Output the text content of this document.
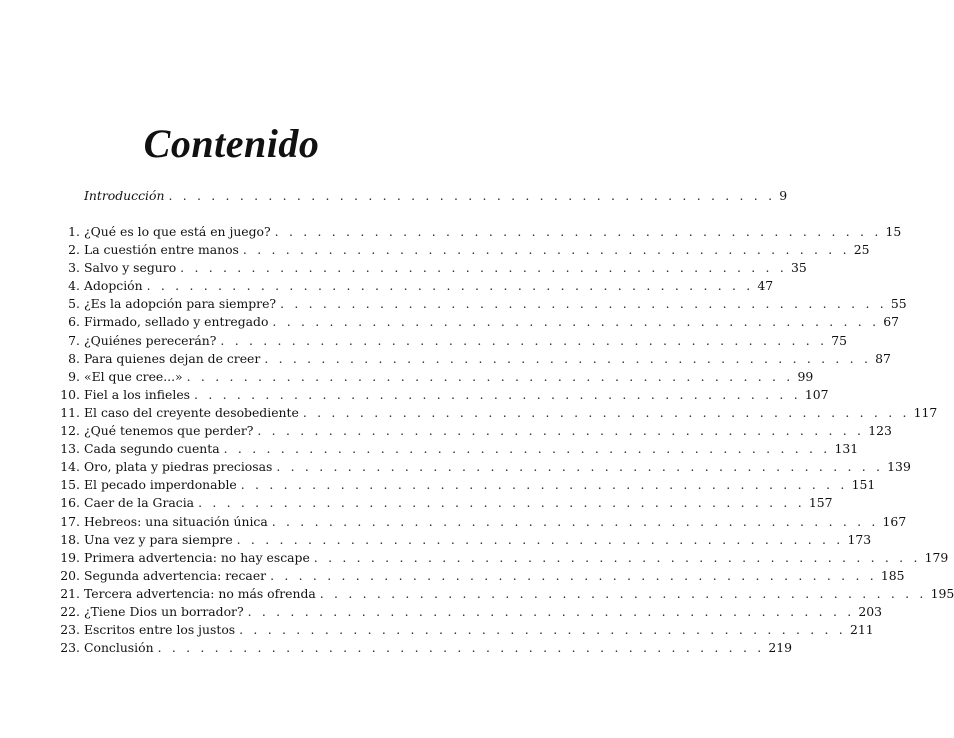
Contenido
Introducción . . . . . . . . . . . . . . . . . . . . . . . . . . . . . . . . . . . . . . . . . . . 9
1. ¿Qué es lo que está en juego? . . . . . . . . . . . . . . . . . . . . . . . . . . . . . . . . . . . . . . . . . . . 15
2. La cuestión entre manos . . . . . . . . . . . . . . . . . . . . . . . . . . . . . . . . . . . . . . . . . . . 25
3. Salvo y seguro . . . . . . . . . . . . . . . . . . . . . . . . . . . . . . . . . . . . . . . . . . . 35
4. Adopción . . . . . . . . . . . . . . . . . . . . . . . . . . . . . . . . . . . . . . . . . . . 47
5. ¿Es la adopción para siempre? . . . . . . . . . . . . . . . . . . . . . . . . . . . . . . . . . . . . . . . . . . . 55
6. Firmado, sellado y entregado . . . . . . . . . . . . . . . . . . . . . . . . . . . . . . . . . . . . . . . . . . . 67
7. ¿Quiénes perecerán? . . . . . . . . . . . . . . . . . . . . . . . . . . . . . . . . . . . . . . . . . . . 75
8. Para quienes dejan de creer . . . . . . . . . . . . . . . . . . . . . . . . . . . . . . . . . . . . . . . . . . . 87
9. «El que cree...» . . . . . . . . . . . . . . . . . . . . . . . . . . . . . . . . . . . . . . . . . . . 99
10. Fiel a los infieles . . . . . . . . . . . . . . . . . . . . . . . . . . . . . . . . . . . . . . . . . . . 107
11. El caso del creyente desobediente . . . . . . . . . . . . . . . . . . . . . . . . . . . . . . . . . . . . . . . . . . . 117
12. ¿Qué tenemos que perder? . . . . . . . . . . . . . . . . . . . . . . . . . . . . . . . . . . . . . . . . . . . 123
13. Cada segundo cuenta . . . . . . . . . . . . . . . . . . . . . . . . . . . . . . . . . . . . . . . . . . . 131
14. Oro, plata y piedras preciosas . . . . . . . . . . . . . . . . . . . . . . . . . . . . . . . . . . . . . . . . . . . 139
15. El pecado imperdonable . . . . . . . . . . . . . . . . . . . . . . . . . . . . . . . . . . . . . . . . . . . 151
16. Caer de la Gracia . . . . . . . . . . . . . . . . . . . . . . . . . . . . . . . . . . . . . . . . . . . 157
17. Hebreos: una situación única . . . . . . . . . . . . . . . . . . . . . . . . . . . . . . . . . . . . . . . . . . . 167
18. Una vez y para siempre . . . . . . . . . . . . . . . . . . . . . . . . . . . . . . . . . . . . . . . . . . . 173
19. Primera advertencia: no hay escape . . . . . . . . . . . . . . . . . . . . . . . . . . . . . . . . . . . . . . . . . . . 179
20. Segunda advertencia: recaer . . . . . . . . . . . . . . . . . . . . . . . . . . . . . . . . . . . . . . . . . . . 185
21. Tercera advertencia: no más ofrenda . . . . . . . . . . . . . . . . . . . . . . . . . . . . . . . . . . . . . . . . . . . 195
22. ¿Tiene Dios un borrador? . . . . . . . . . . . . . . . . . . . . . . . . . . . . . . . . . . . . . . . . . . . 203
23. Escritos entre los justos . . . . . . . . . . . . . . . . . . . . . . . . . . . . . . . . . . . . . . . . . . . 211
23. Conclusión . . . . . . . . . . . . . . . . . . . . . . . . . . . . . . . . . . . . . . . . . . . 219
